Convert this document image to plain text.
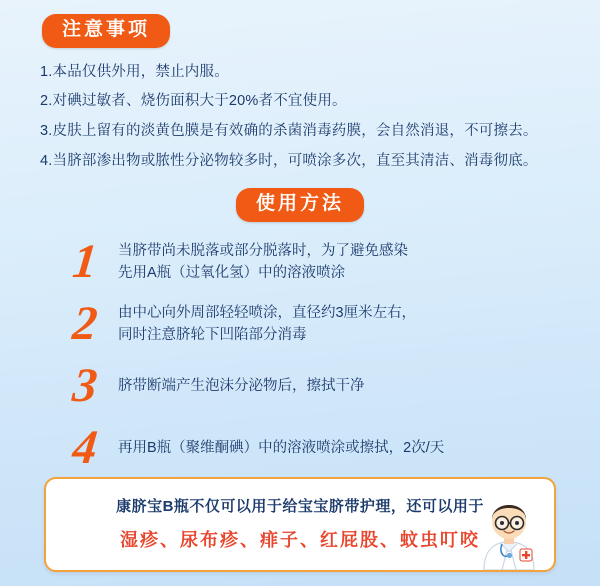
注意事项
1.本品仅供外用，禁止内服。
2.对碘过敏者、烧伤面积大于20%者不宜使用。
3.皮肤上留有的淡黄色膜是有效确的杀菌消毒药膜，会自然消退，不可擦去。
4.当脐部渗出物或脓性分泌物较多时，可喷涂多次，直至其清洁、消毒彻底。
使用方法
1	当脐带尚未脱落或部分脱落时，为了避免感染
先用A瓶（过氧化氢）中的溶液喷涂
2	由中心向外周部轻轻喷涂，直径约3厘米左右，
同时注意脐轮下凹陷部分消毒
3	脐带断端产生泡沫分泌物后，擦拭干净
4	再用B瓶（聚维酮碘）中的溶液喷涂或擦拭，2次/天
康脐宝B瓶不仅可以用于给宝宝脐带护理，还可以用于
湿疹、尿布疹、痱子、红屁股、蚊虫叮咬
